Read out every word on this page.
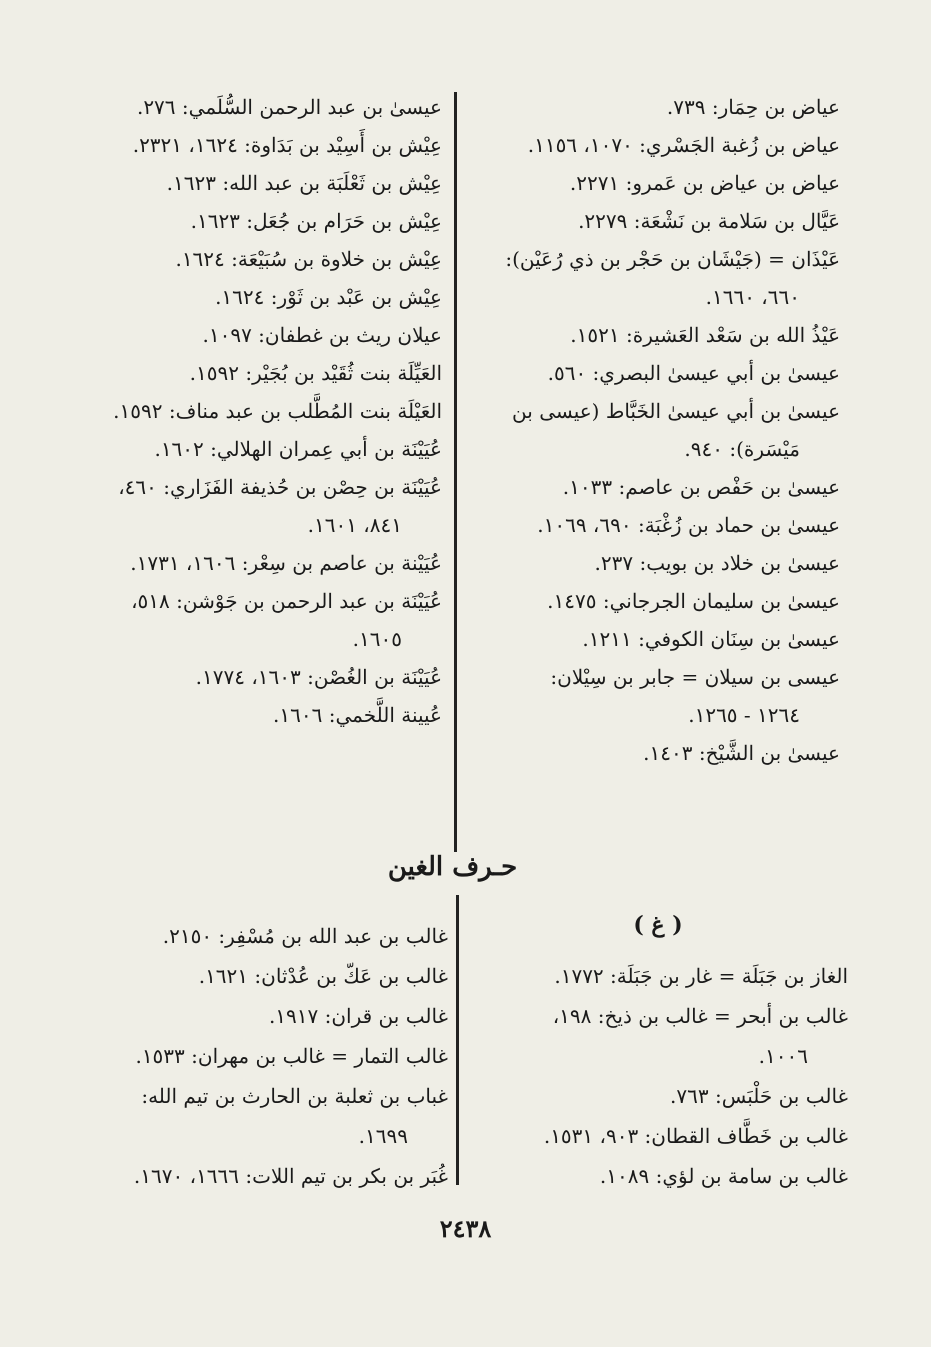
عياض بن حِمَار: ٧٣٩.
عياض بن زُغبة الجَسْري: ١٠٧٠، ١١٥٦.
عياض بن عياض بن عَمرو: ٢٢٧١.
عَيَّال بن سَلامة بن نَشْعَة: ٢٢٧٩.
عَيْذَان = (جَيْشَان بن حَجْر بن ذي رُعَيْن):
٦٦٠، ١٦٦٠.
عَيْذُ الله بن سَعْد العَشيرة: ١٥٢١.
عيسىٰ بن أبي عيسىٰ البصري: ٥٦٠.
عيسىٰ بن أبي عيسىٰ الخَبَّاط (عيسى بن
مَيْسَرة): ٩٤٠.
عيسىٰ بن حَفْص بن عاصم: ١٠٣٣.
عيسىٰ بن حماد بن زُغْبَة: ٦٩٠، ١٠٦٩.
عيسىٰ بن خلاد بن بويب: ٢٣٧.
عيسىٰ بن سليمان الجرجاني: ١٤٧٥.
عيسىٰ بن سِنَان الكوفي: ١٢١١.
عيسى بن سيلان = جابر بن سِيْلان:
١٢٦٤ - ١٢٦٥.
عيسىٰ بن الشَّيْخ: ١٤٠٣.
عيسىٰ بن عبد الرحمن السُّلَمي: ٢٧٦.
عِيْش بن أَسِيْد بن بَدَاوة: ١٦٢٤، ٢٣٢١.
عِيْش بن ثَعْلَبَة بن عبد الله: ١٦٢٣.
عِيْش بن حَرَام بن جُعَل: ١٦٢٣.
عِيْش بن خلاوة بن سُبَيْعَة: ١٦٢٤.
عِيْش بن عَبْد بن ثَوْر: ١٦٢٤.
عيلان ريث بن غطفان: ١٠٩٧.
العَيِّلَة بنت ثُقَيْد بن بُجَيْر: ١٥٩٢.
العَيْلَة بنت المُطَّلب بن عبد مناف: ١٥٩٢.
عُيَيْنَة بن أبي عِمران الهلالي: ١٦٠٢.
عُيَيْنَة بن حِصْن بن حُذيفة الفَزَاري: ٤٦٠،
٨٤١، ١٦٠١.
عُيَيْنة بن عاصم بن سِعْر: ١٦٠٦، ١٧٣١.
عُيَيْنَة بن عبد الرحمن بن جَوْشن: ٥١٨،
١٦٠٥.
عُيَيْنَة بن الغُصْن: ١٦٠٣، ١٧٧٤.
عُيينة اللَّخمي: ١٦٠٦.
حـرف الغين
( غ )
الغاز بن جَبَلَة = غار بن جَبَلَة: ١٧٧٢.
غالب بن أبحر = غالب بن ذيخ: ١٩٨،
١٠٠٦.
غالب بن حَلْبَس: ٧٦٣.
غالب بن خَطَّاف القطان: ٩٠٣، ١٥٣١.
غالب بن سامة بن لؤي: ١٠٨٩.
غالب بن عبد الله بن مُسْفِر: ٢١٥٠.
غالب بن عَكّ بن عُدْثان: ١٦٢١.
غالب بن قران: ١٩١٧.
غالب التمار = غالب بن مهران: ١٥٣٣.
غباب بن ثعلبة بن الحارث بن تيم الله:
١٦٩٩.
غُبَر بن بكر بن تيم اللات: ١٦٦٦، ١٦٧٠.
٢٤٣٨
